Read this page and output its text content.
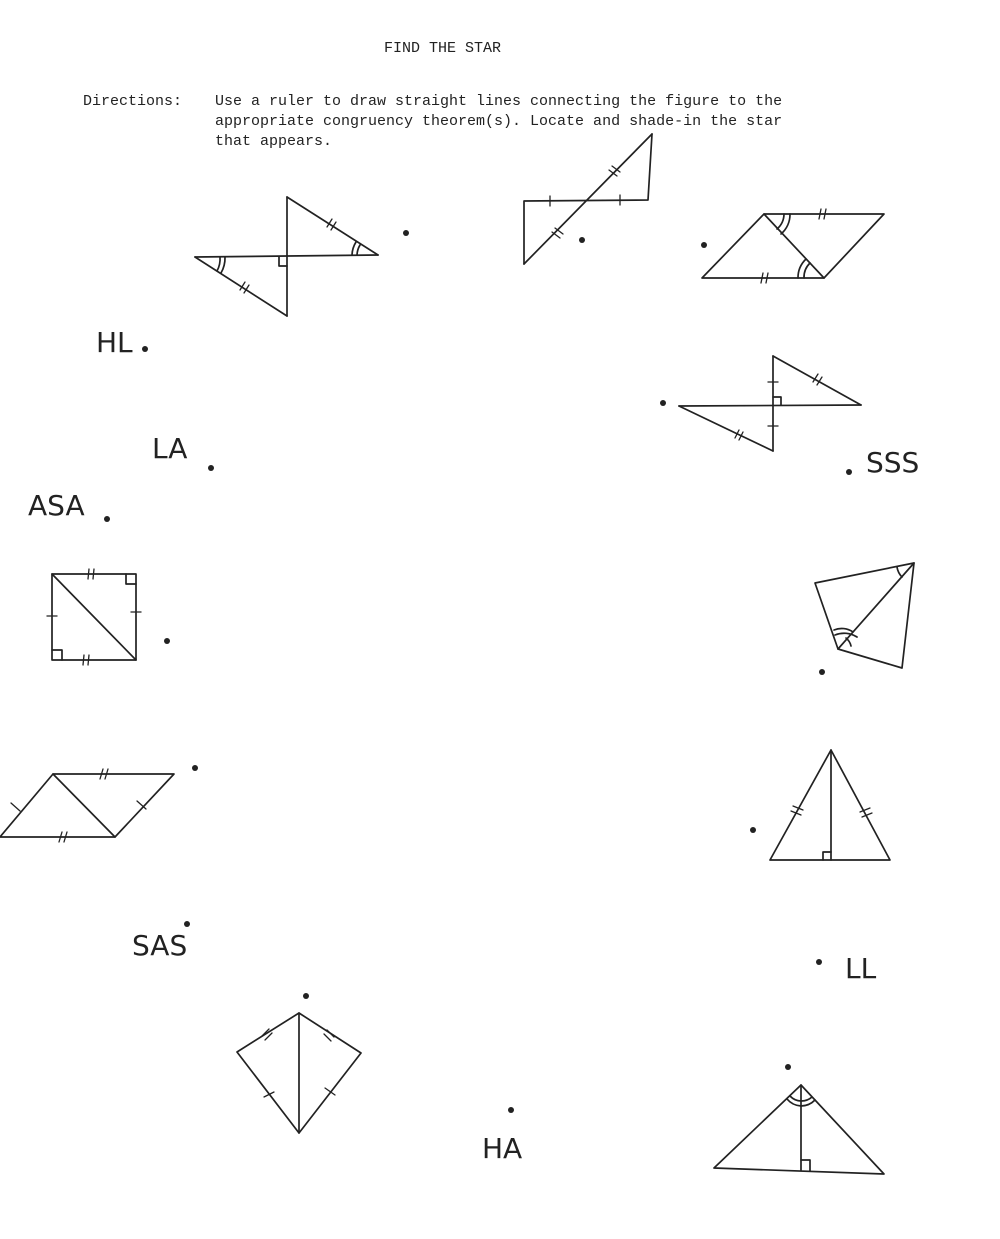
FIND THE STAR
Directions: Use a ruler to draw straight lines connecting the figure to the
appropriate congruency theorem(s). Locate and shade-in the star
that appears.
HL
LA
ASA
SSS
SAS
LL
HA
